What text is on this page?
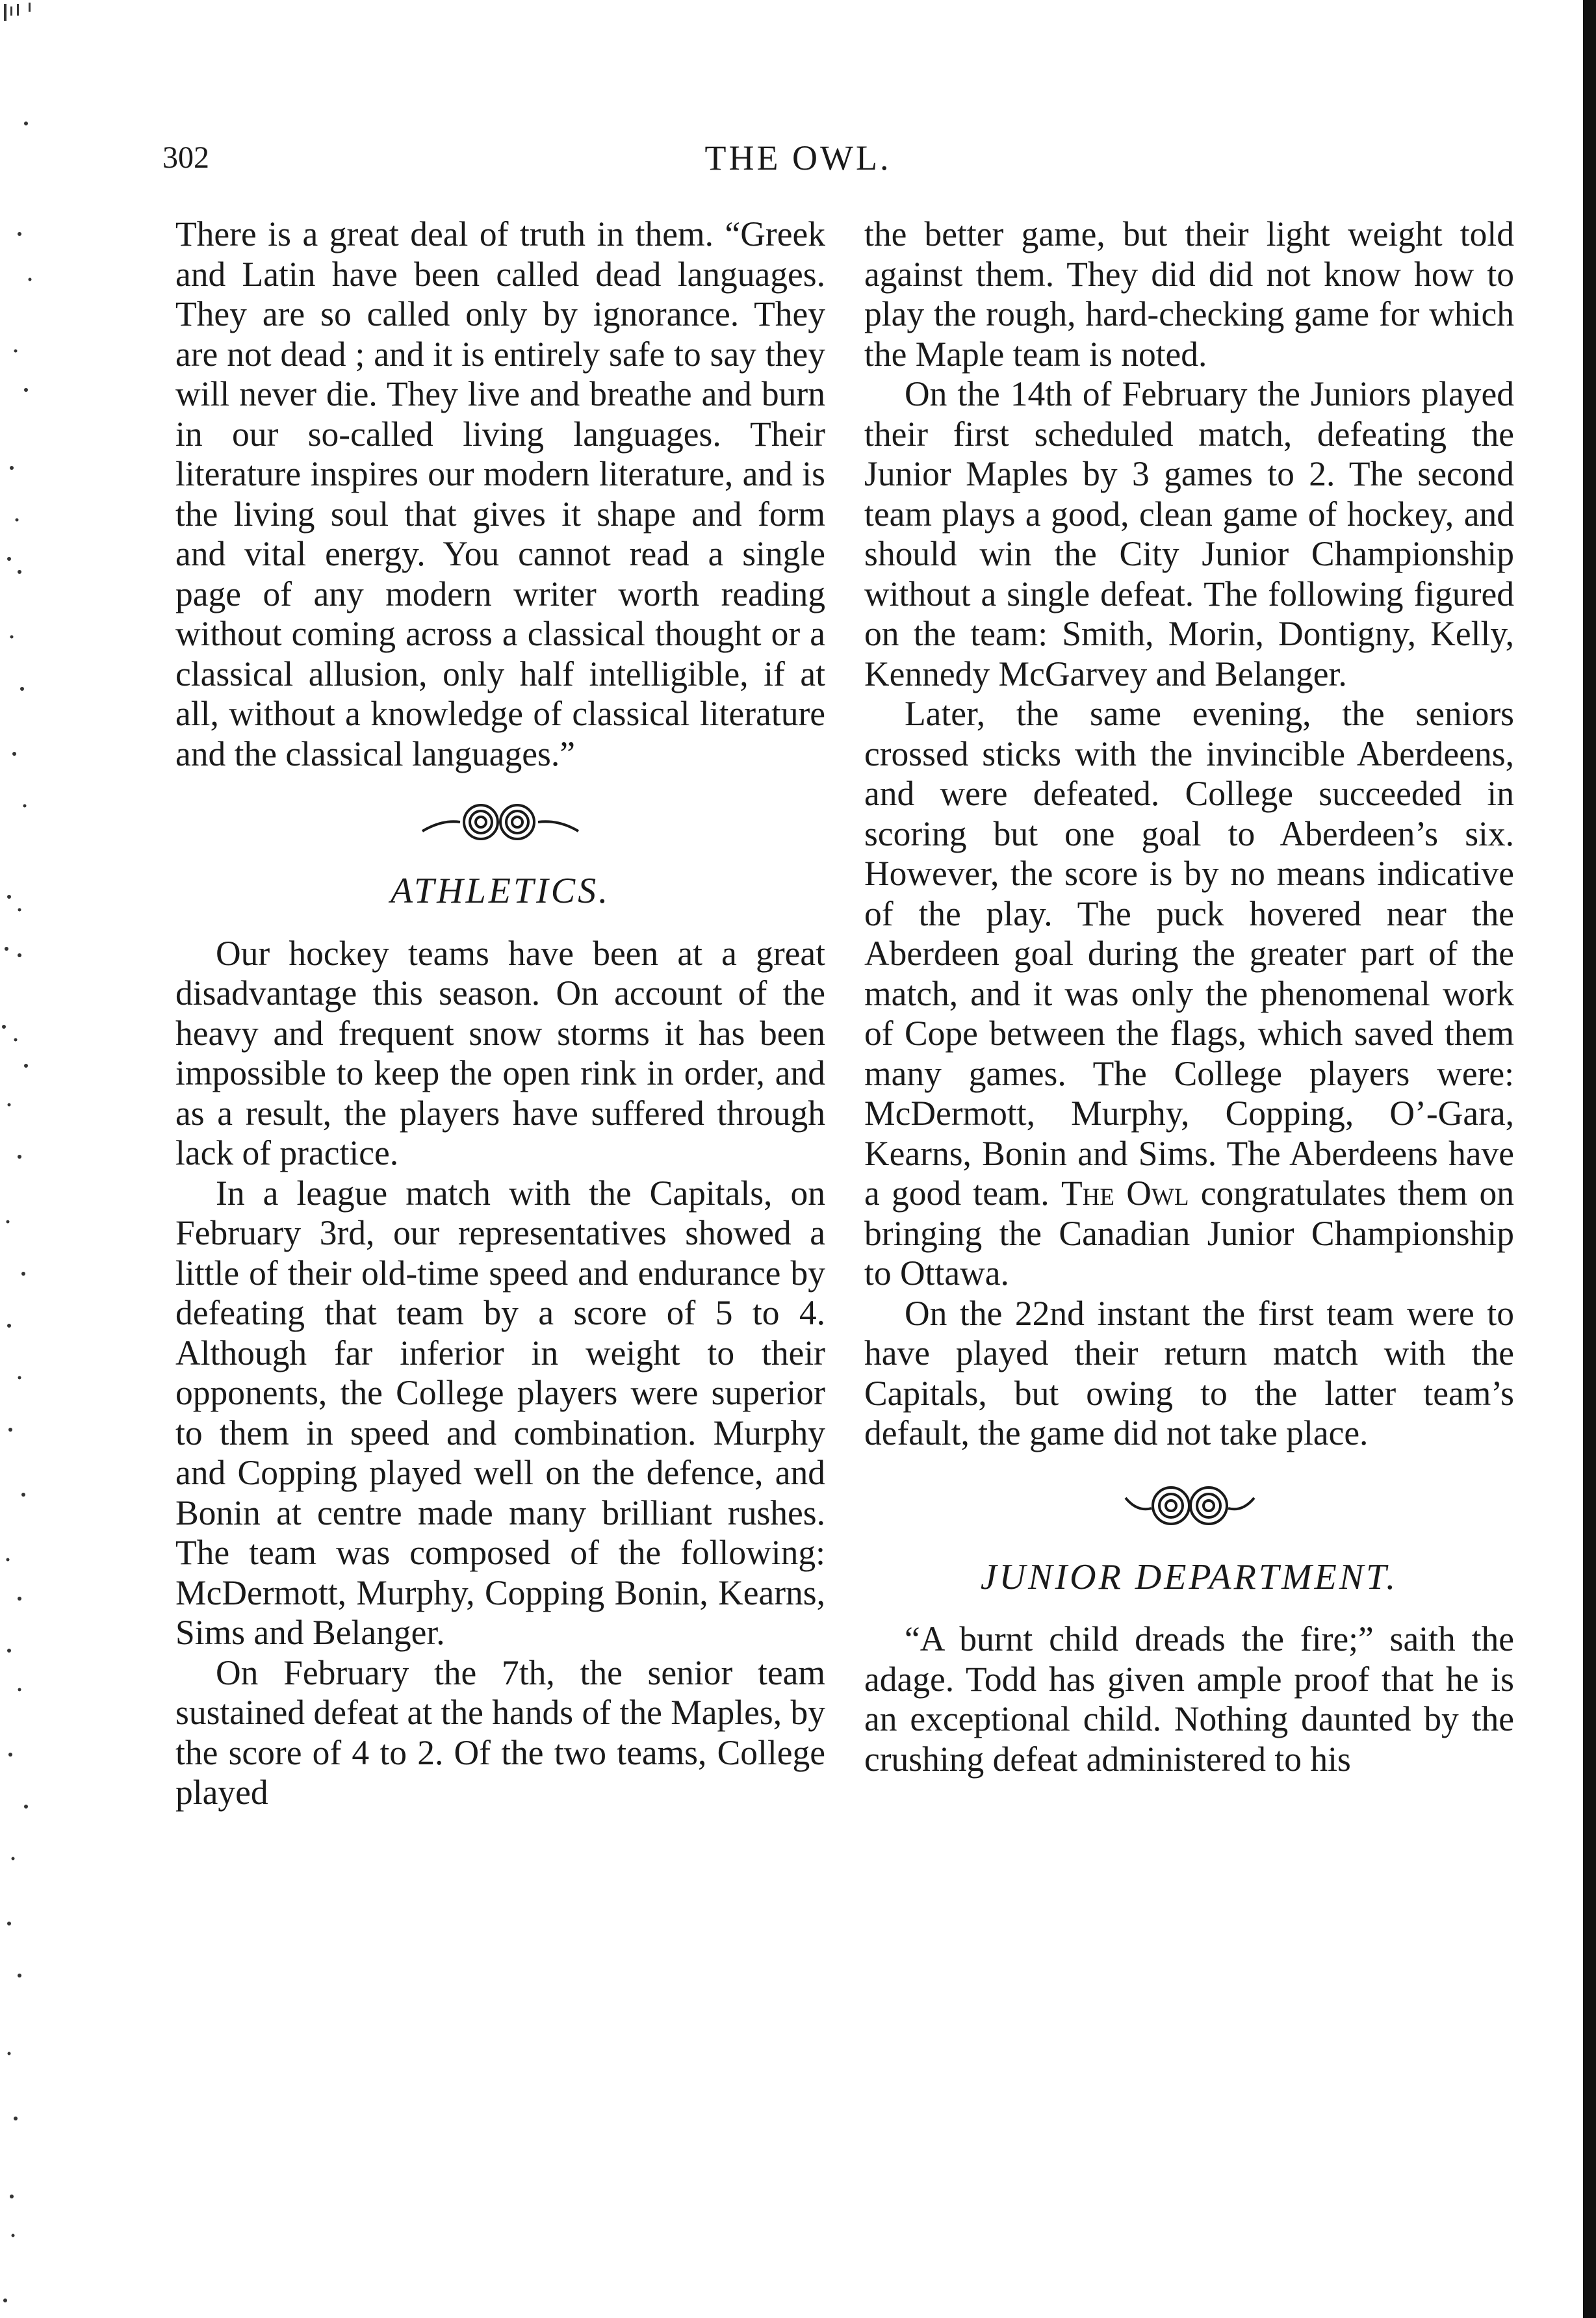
302	THE OWL.

There is a great deal of truth in them. “Greek and Latin have been called dead languages. They are so called only by ignorance. They are not dead ; and it is entirely safe to say they will never die. They live and breathe and burn in our so-called living languages. Their literature inspires our modern literature, and is the living soul that gives it shape and form and vital energy. You cannot read a single page of any modern writer worth reading without coming across a classical thought or a classical allusion, only half intelligible, if at all, without a knowledge of classical literature and the classical languages.”

ATHLETICS.

Our hockey teams have been at a great disadvantage this season. On account of the heavy and frequent snow storms it has been impossible to keep the open rink in order, and as a result, the players have suffered through lack of practice.

In a league match with the Capitals, on February 3rd, our representatives showed a little of their old-time speed and endurance by defeating that team by a score of 5 to 4. Although far inferior in weight to their opponents, the College players were superior to them in speed and combination. Murphy and Copping played well on the defence, and Bonin at centre made many brilliant rushes. The team was composed of the following: McDermott, Murphy, Copping Bonin, Kearns, Sims and Belanger.

On February the 7th, the senior team sustained defeat at the hands of the Maples, by the score of 4 to 2. Of the two teams, College played

the better game, but their light weight told against them. They did did not know how to play the rough, hard-checking game for which the Maple team is noted.

On the 14th of February the Juniors played their first scheduled match, defeating the Junior Maples by 3 games to 2. The second team plays a good, clean game of hockey, and should win the City Junior Championship without a single defeat. The following figured on the team: Smith, Morin, Dontigny, Kelly, Kennedy McGarvey and Belanger.

Later, the same evening, the seniors crossed sticks with the invincible Aberdeens, and were defeated. College succeeded in scoring but one goal to Aberdeen’s six. However, the score is by no means indicative of the play. The puck hovered near the Aberdeen goal during the greater part of the match, and it was only the phenomenal work of Cope between the flags, which saved them many games. The College players were: McDermott, Murphy, Copping, O’-Gara, Kearns, Bonin and Sims. The Aberdeens have a good team. The Owl congratulates them on bringing the Canadian Junior Championship to Ottawa.

On the 22nd instant the first team were to have played their return match with the Capitals, but owing to the latter team’s default, the game did not take place.

JUNIOR DEPARTMENT.

“A burnt child dreads the fire;” saith the adage. Todd has given ample proof that he is an exceptional child. Nothing daunted by the crushing defeat administered to his
